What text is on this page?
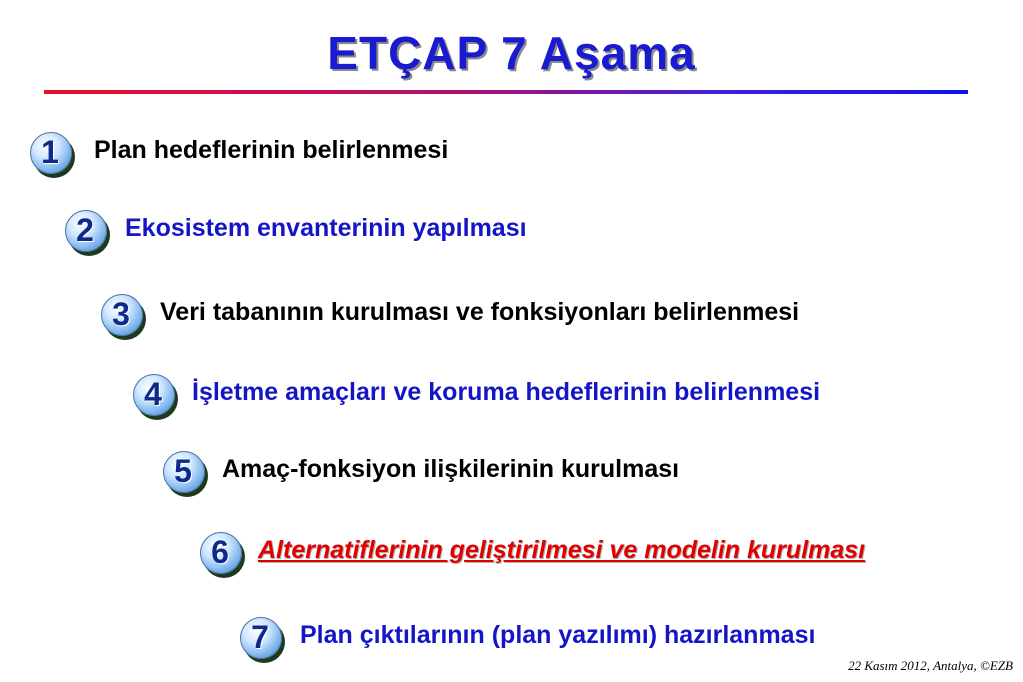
ETÇAP 7 Aşama
1	Plan hedeflerinin belirlenmesi
2	Ekosistem envanterinin yapılması
3	Veri tabanının kurulması ve fonksiyonları belirlenmesi
4	İşletme amaçları ve koruma hedeflerinin belirlenmesi
5	Amaç-fonksiyon ilişkilerinin kurulması
6	Alternatiflerinin geliştirilmesi ve modelin kurulması
7	Plan çıktılarının (plan yazılımı) hazırlanması
22 Kasım 2012, Antalya, ©EZB
